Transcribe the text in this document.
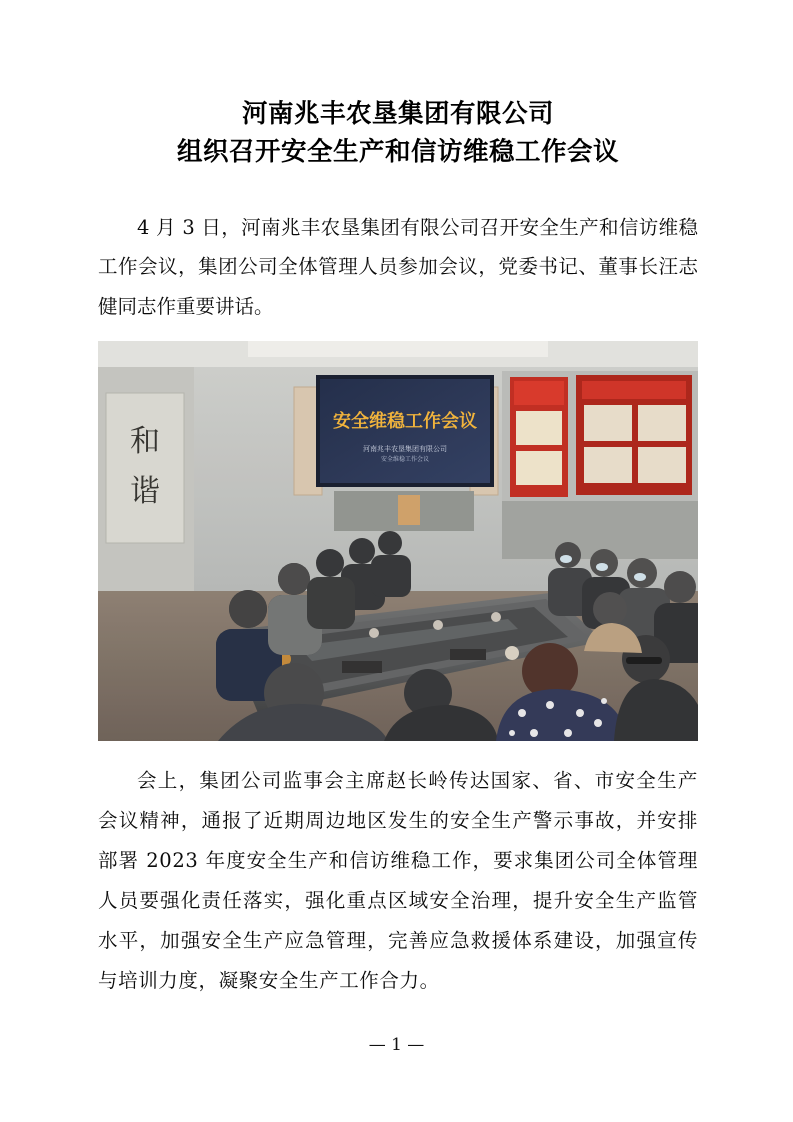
河南兆丰农垦集团有限公司
组织召开安全生产和信访维稳工作会议

4 月 3 日，河南兆丰农垦集团有限公司召开安全生产和信访维稳工作会议，集团公司全体管理人员参加会议，党委书记、董事长汪志健同志作重要讲话。

和
谐
安全维稳工作会议
河南兆丰农垦集团有限公司
安全维稳工作会议

会上，集团公司监事会主席赵长岭传达国家、省、市安全生产会议精神，通报了近期周边地区发生的安全生产警示事故，并安排部署 2023 年度安全生产和信访维稳工作，要求集团公司全体管理人员要强化责任落实，强化重点区域安全治理，提升安全生产监管水平，加强安全生产应急管理，完善应急救援体系建设，加强宣传与培训力度，凝聚安全生产工作合力。

— 1 —
